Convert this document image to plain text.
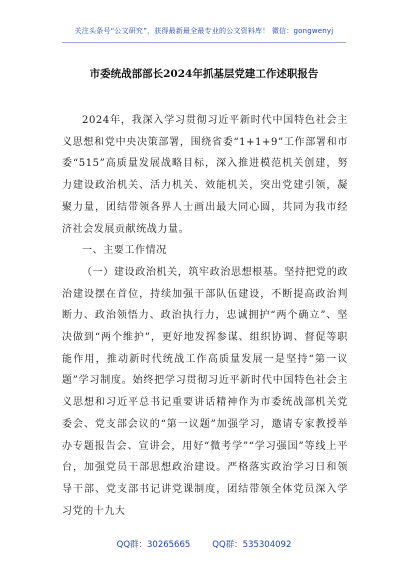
关注头条号“公文研究”，获得最新最全最专业的公文资料库！ 微信：gongwenyj
市委统战部部长2024年抓基层党建工作述职报告

2024年，我深入学习贯彻习近平新时代中国特色社会主义思想和党中央决策部署，围绕省委“1+1+9”工作部署和市委“515”高质量发展战略目标，深入推进模范机关创建，努力建设政治机关、活力机关、效能机关，突出党建引领，凝聚力量，团结带领各界人士画出最大同心圆，共同为我市经济社会发展贡献统战力量。

一、主要工作情况

（一）建设政治机关，筑牢政治思想根基。坚持把党的政治建设摆在首位，持续加强干部队伍建设，不断提高政治判断力、政治领悟力、政治执行力，忠诚拥护“两个确立”、坚决做到“两个维护”，更好地发挥参谋、组织协调、督促等职能作用，推动新时代统战工作高质量发展一是坚持“第一议题”学习制度。始终把学习贯彻习近平新时代中国特色社会主义思想和习近平总书记重要讲话精神作为市委统战部机关党委会、党支部会议的“第一议题”加强学习，邀请专家教授举办专题报告会、宣讲会，用好“微考学”“学习强国”等线上平台，加强党员干部思想政治建设。严格落实政治学习日和领导干部、党支部书记讲党课制度，团结带领全体党员深入学习党的十九大

QQ群：30265665	QQ群：535304092
